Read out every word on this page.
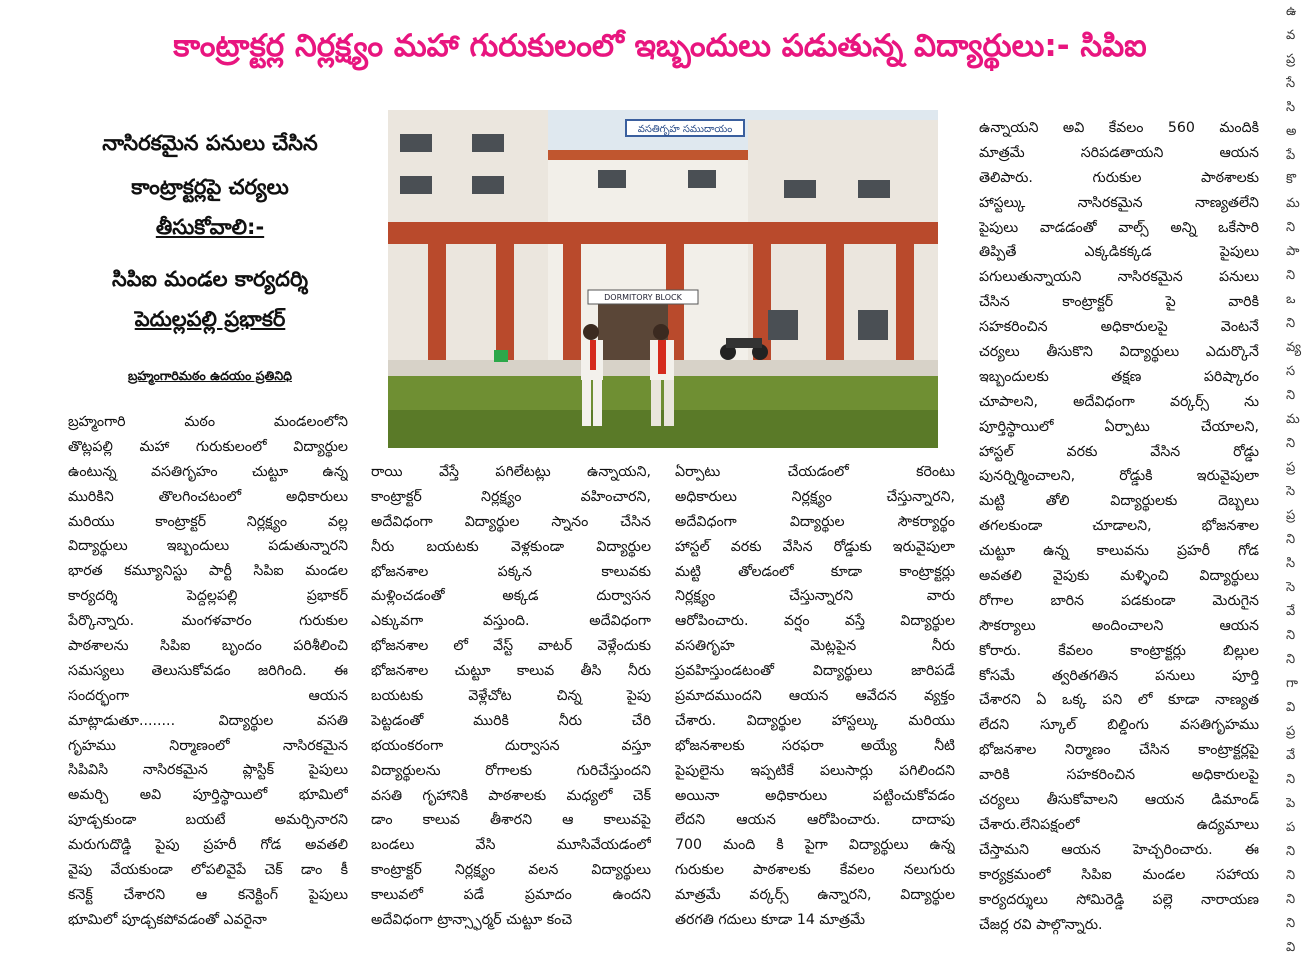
కాంట్రాక్టర్ల నిర్లక్ష్యం మహా గురుకులంలో ఇబ్బందులు పడుతున్న విద్యార్థులు:- సిపిఐ
నాసిరకమైన పనులు చేసిన
కాంట్రాక్టర్లపై చర్యలు
తీసుకోవాలి:-
సిపిఐ మండల కార్యదర్శి
పెదుల్లపల్లి ప్రభాకర్
బ్రహ్మంగారిమఠం ఉదయం ప్రతినిధి
DORMITORY BLOCK
వసతిగృహ సముదాయం
బ్రహ్మంగారి మఠం మండలంలోని
తొట్లపల్లి మహా గురుకులంలో విద్యార్థుల
ఉంటున్న వసతిగృహం చుట్టూ ఉన్న
మురికిని తొలగించటంలో అధికారులు
మరియు కాంట్రాక్టర్ నిర్లక్ష్యం వల్ల
విద్యార్థులు ఇబ్బందులు పడుతున్నారని
భారత కమ్యూనిస్టు పార్టీ సిపిఐ మండల
కార్యదర్శి పెద్దల్లపల్లి ప్రభాకర్
పేర్కొన్నారు. మంగళవారం గురుకుల
పాఠశాలను సిపిఐ బృందం పరిశీలించి
సమస్యలు తెలుసుకోవడం జరిగింది. ఈ
సందర్భంగా ఆయన
మాట్లాడుతూ........ విద్యార్థుల వసతి
గృహము నిర్మాణంలో నాసిరకమైన
సిపివిసి నాసిరకమైన ప్లాస్టిక్ పైపులు
అమర్చి అవి పూర్తిస్థాయిలో భూమిలో
పూడ్చకుండా బయటే అమర్చినారని
మరుగుదొడ్డి పైపు ప్రహరీ గోడ అవతలి
వైపు వేయకుండా లోపలివైపే చెక్ డాం కీ
కనెక్ట్ చేశారని ఆ కనెక్టింగ్ పైపులు
భూమిలో పూడ్చకపోవడంతో ఎవరైనా
రాయి వేస్తే పగిలేటట్లు ఉన్నాయని,
కాంట్రాక్టర్ నిర్లక్ష్యం వహించారని,
అదేవిధంగా విద్యార్థుల స్నానం చేసిన
నీరు బయటకు వెళ్లకుండా విద్యార్థుల
భోజనశాల పక్కన కాలువకు
మళ్లించడంతో అక్కడ దుర్వాసన
ఎక్కువగా వస్తుంది. అదేవిధంగా
భోజనశాల లో వేస్ట్ వాటర్ వెళ్లేందుకు
భోజనశాల చుట్టూ కాలువ తీసి నీరు
బయటకు వెళ్లేచోట చిన్న పైపు
పెట్టడంతో మురికి నీరు చేరి
భయంకరంగా దుర్వాసన వస్తూ
విద్యార్థులను రోగాలకు గురిచేస్తుందని
వసతి గృహానికి పాఠశాలకు మధ్యలో చెక్
డాం కాలువ తీశారని ఆ కాలువపై
బండలు వేసి మూసివేయడంలో
కాంట్రాక్టర్ నిర్లక్ష్యం వలన విద్యార్థులు
కాలువలో పడే ప్రమాదం ఉందని
అదేవిధంగా ట్రాన్స్ఫార్మర్ చుట్టూ కంచె
ఏర్పాటు చేయడంలో కరెంటు
అధికారులు నిర్లక్ష్యం చేస్తున్నారని,
అదేవిధంగా విద్యార్థుల సౌకర్యార్థం
హాస్టల్ వరకు వేసిన రోడ్డుకు ఇరువైపులా
మట్టి తోలడంలో కూడా కాంట్రాక్టర్లు
నిర్లక్ష్యం చేస్తున్నారని వారు
ఆరోపించారు. వర్షం వస్తే విద్యార్థుల
వసతిగృహ మెట్లపైన నీరు
ప్రవహిస్తుండటంతో విద్యార్థులు జారిపడే
ప్రమాదముందని ఆయన ఆవేదన వ్యక్తం
చేశారు. విద్యార్థుల హాస్టల్కు మరియు
భోజనశాలకు సరఫరా అయ్యే నీటి
పైపులైను ఇప్పటికే పలుసార్లు పగిలిందని
అయినా అధికారులు పట్టించుకోవడం
లేదని ఆయన ఆరోపించారు. దాదాపు
700 మంది కి పైగా విద్యార్థులు ఉన్న
గురుకుల పాఠశాలకు కేవలం నలుగురు
మాత్రమే వర్కర్స్ ఉన్నారని, విద్యార్థుల
తరగతి గదులు కూడా 14 మాత్రమే
ఉన్నాయని అవి కేవలం 560 మందికి
మాత్రమే సరిపడతాయని ఆయన
తెలిపారు. గురుకుల పాఠశాలకు
హాస్టల్కు నాసిరకమైన నాణ్యతలేని
పైపులు వాడడంతో వాల్స్ అన్ని ఒకేసారి
తిప్పితే ఎక్కడికక్కడ పైపులు
పగులుతున్నాయని నాసిరకమైన పనులు
చేసిన కాంట్రాక్టర్ పై వారికి
సహకరించిన అధికారులపై వెంటనే
చర్యలు తీసుకొని విద్యార్థులు ఎదుర్కొనే
ఇబ్బందులకు తక్షణ పరిష్కారం
చూపాలని, అదేవిధంగా వర్కర్స్ ను
పూర్తిస్థాయిలో ఏర్పాటు చేయాలని,
హాస్టల్ వరకు వేసిన రోడ్డు
పునర్నిర్మించాలని, రోడ్డుకి ఇరువైపులా
మట్టి తోలి విద్యార్థులకు దెబ్బలు
తగలకుండా చూడాలని, భోజనశాల
చుట్టూ ఉన్న కాలువను ప్రహరీ గోడ
అవతలి వైపుకు మళ్ళించి విద్యార్థులు
రోగాల బారిన పడకుండా మెరుగైన
సౌకర్యాలు అందించాలని ఆయన
కోరారు. కేవలం కాంట్రాక్టర్లు బిల్లుల
కోసమే త్వరితగతిన పనులు పూర్తి
చేశారని ఏ ఒక్క పని లో కూడా నాణ్యత
లేదని స్కూల్ బిల్డింగు వసతిగృహము
భోజనశాల నిర్మాణం చేసిన కాంట్రాక్టర్లపై
వారికి సహకరించిన అధికారులపై
చర్యలు తీసుకోవాలని ఆయన డిమాండ్
చేశారు.లేనిపక్షంలో ఉద్యమాలు
చేస్తామని ఆయన హెచ్చరించారు. ఈ
కార్యక్రమంలో సిపిఐ మండల సహాయ
కార్యదర్శులు సోమిరెడ్డి పల్లె నారాయణ
చేజర్ల రవి పాల్గొన్నారు.
ఉ
వ
ప్ర
సే
సి
అ
పే
కొ
మ
ని
పా
ని
ఒ
ని
వ్య
స
ని
మ
ని
ప్ర
సె
ప్ర
ని
సి
సె
వే
ని
ని
గా
వి
ప్ర
వే
ని
పె
ప
ని
ని
ని
ని
వి
